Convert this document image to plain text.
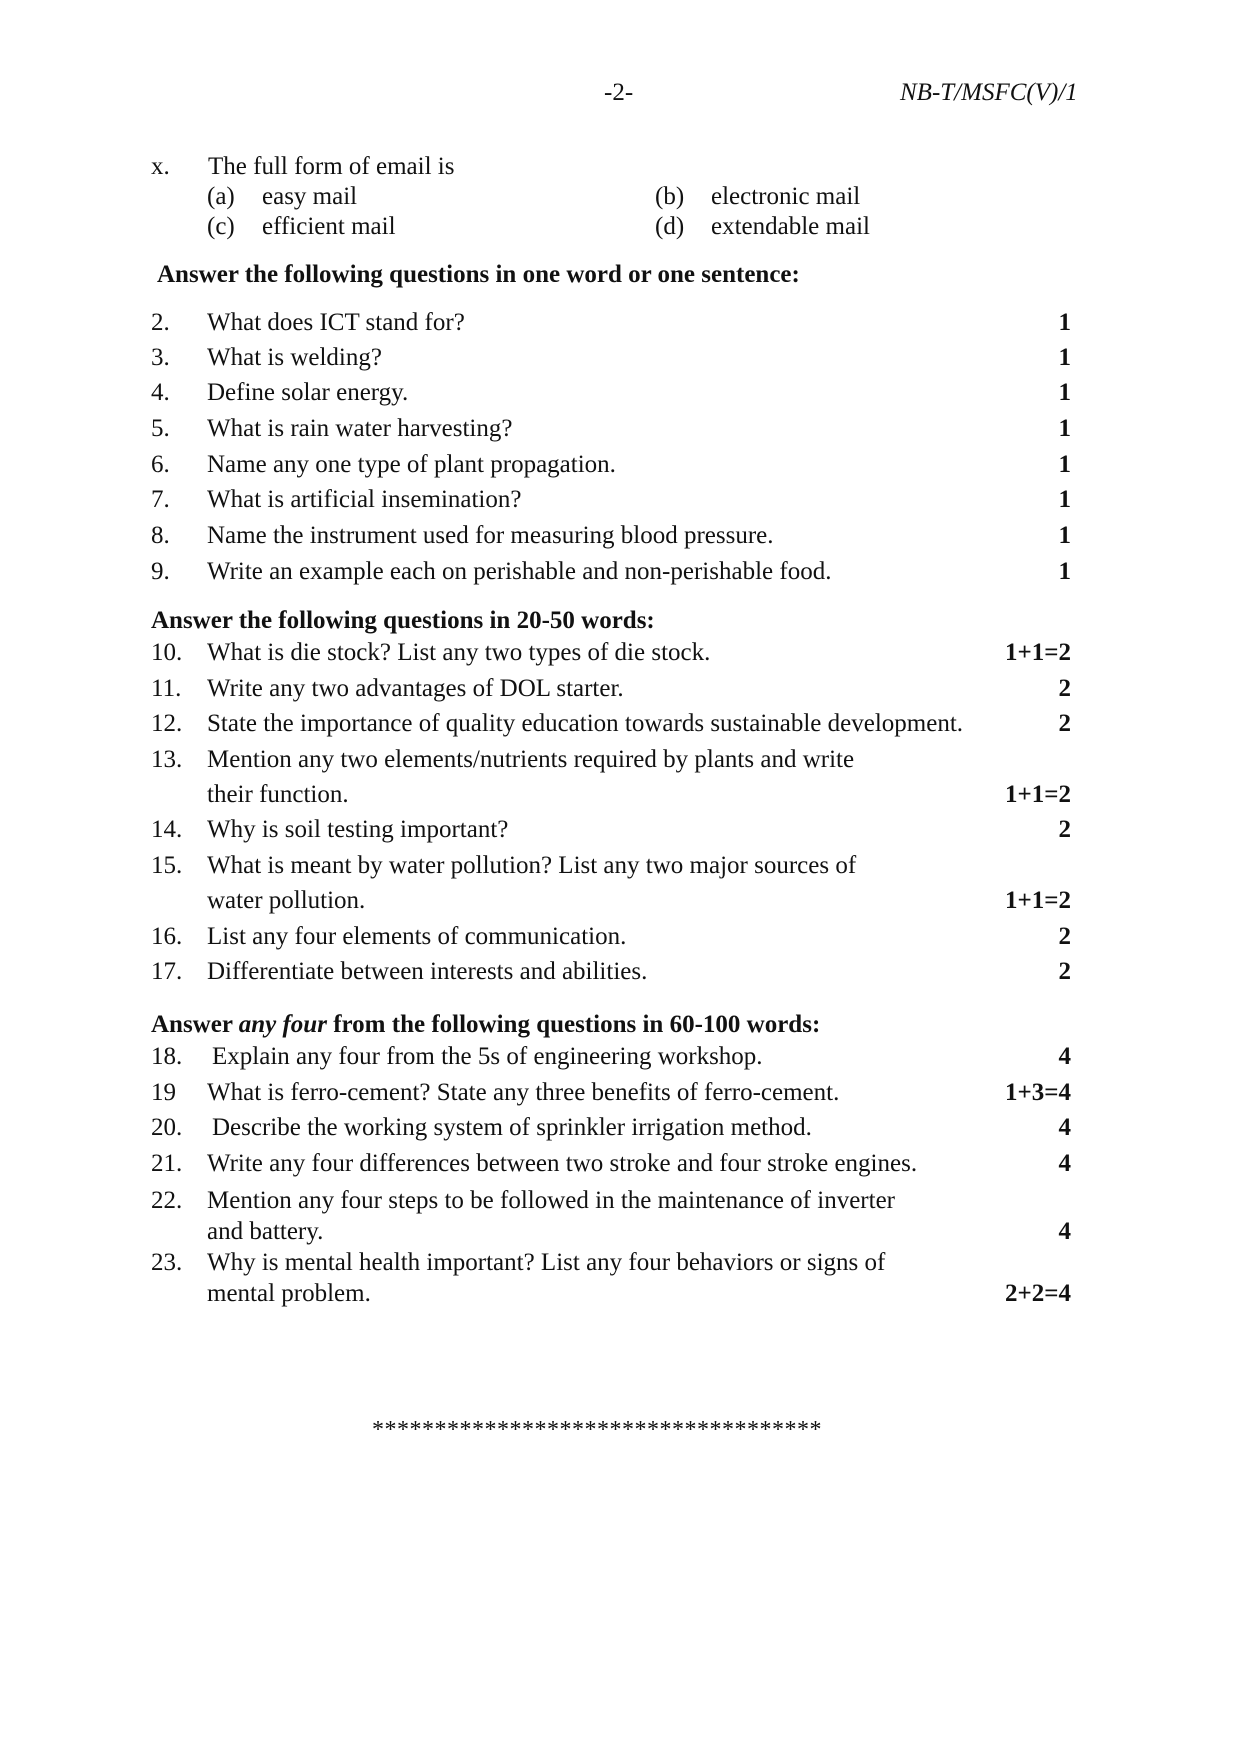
-2-	NB-T/MSFC(V)/1
x. The full form of email is
(a) easy mail	(b) electronic mail
(c) efficient mail	(d) extendable mail
Answer the following questions in one word or one sentence:
2. What does ICT stand for?	1
3. What is welding?	1
4. Define solar energy.	1
5. What is rain water harvesting?	1
6. Name any one type of plant propagation.	1
7. What is artificial insemination?	1
8. Name the instrument used for measuring blood pressure.	1
9. Write an example each on perishable and non-perishable food.	1
Answer the following questions in 20-50 words:
10. What is die stock? List any two types of die stock.	1+1=2
11. Write any two advantages of DOL starter.	2
12. State the importance of quality education towards sustainable development.	2
13. Mention any two elements/nutrients required by plants and write
their function.	1+1=2
14. Why is soil testing important?	2
15. What is meant by water pollution? List any two major sources of
water pollution.	1+1=2
16. List any four elements of communication.	2
17. Differentiate between interests and abilities.	2
Answer any four from the following questions in 60-100 words:
18. Explain any four from the 5s of engineering workshop.	4
19 What is ferro-cement? State any three benefits of ferro-cement.	1+3=4
20. Describe the working system of sprinkler irrigation method.	4
21. Write any four differences between two stroke and four stroke engines.	4
22. Mention any four steps to be followed in the maintenance of inverter
and battery.	4
23. Why is mental health important? List any four behaviors or signs of
mental problem.	2+2=4
************************************
